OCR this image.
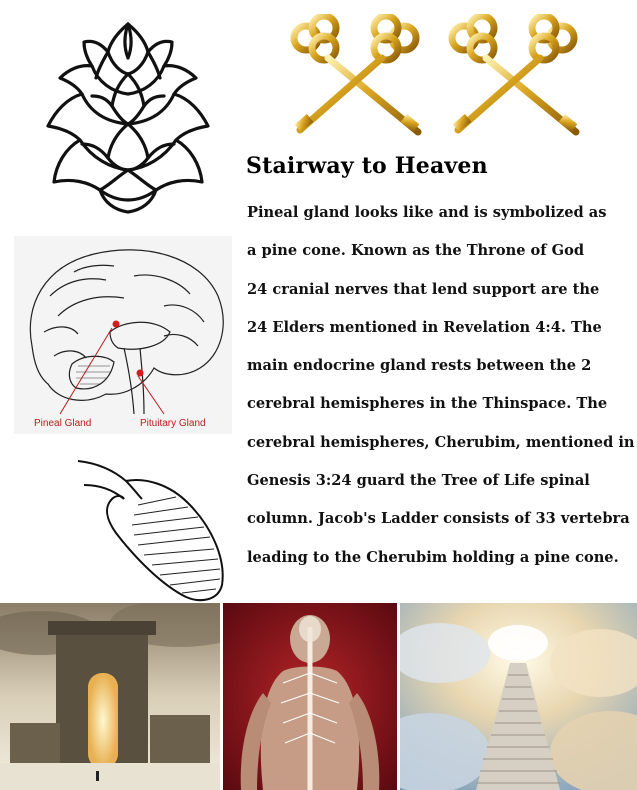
Stairway to Heaven
Pineal gland looks like and is symbolized as
a pine cone. Known as the Throne of God
24 cranial nerves that lend support are the
24 Elders mentioned in Revelation 4:4. The
main endocrine gland rests between the 2
cerebral hemispheres in the Thinspace. The
cerebral hemispheres, Cherubim, mentioned in
Genesis 3:24 guard the Tree of Life spinal
column. Jacob's Ladder consists of 33 vertebra
leading to the Cherubim holding a pine cone.
Pineal Gland	Pituitary Gland
